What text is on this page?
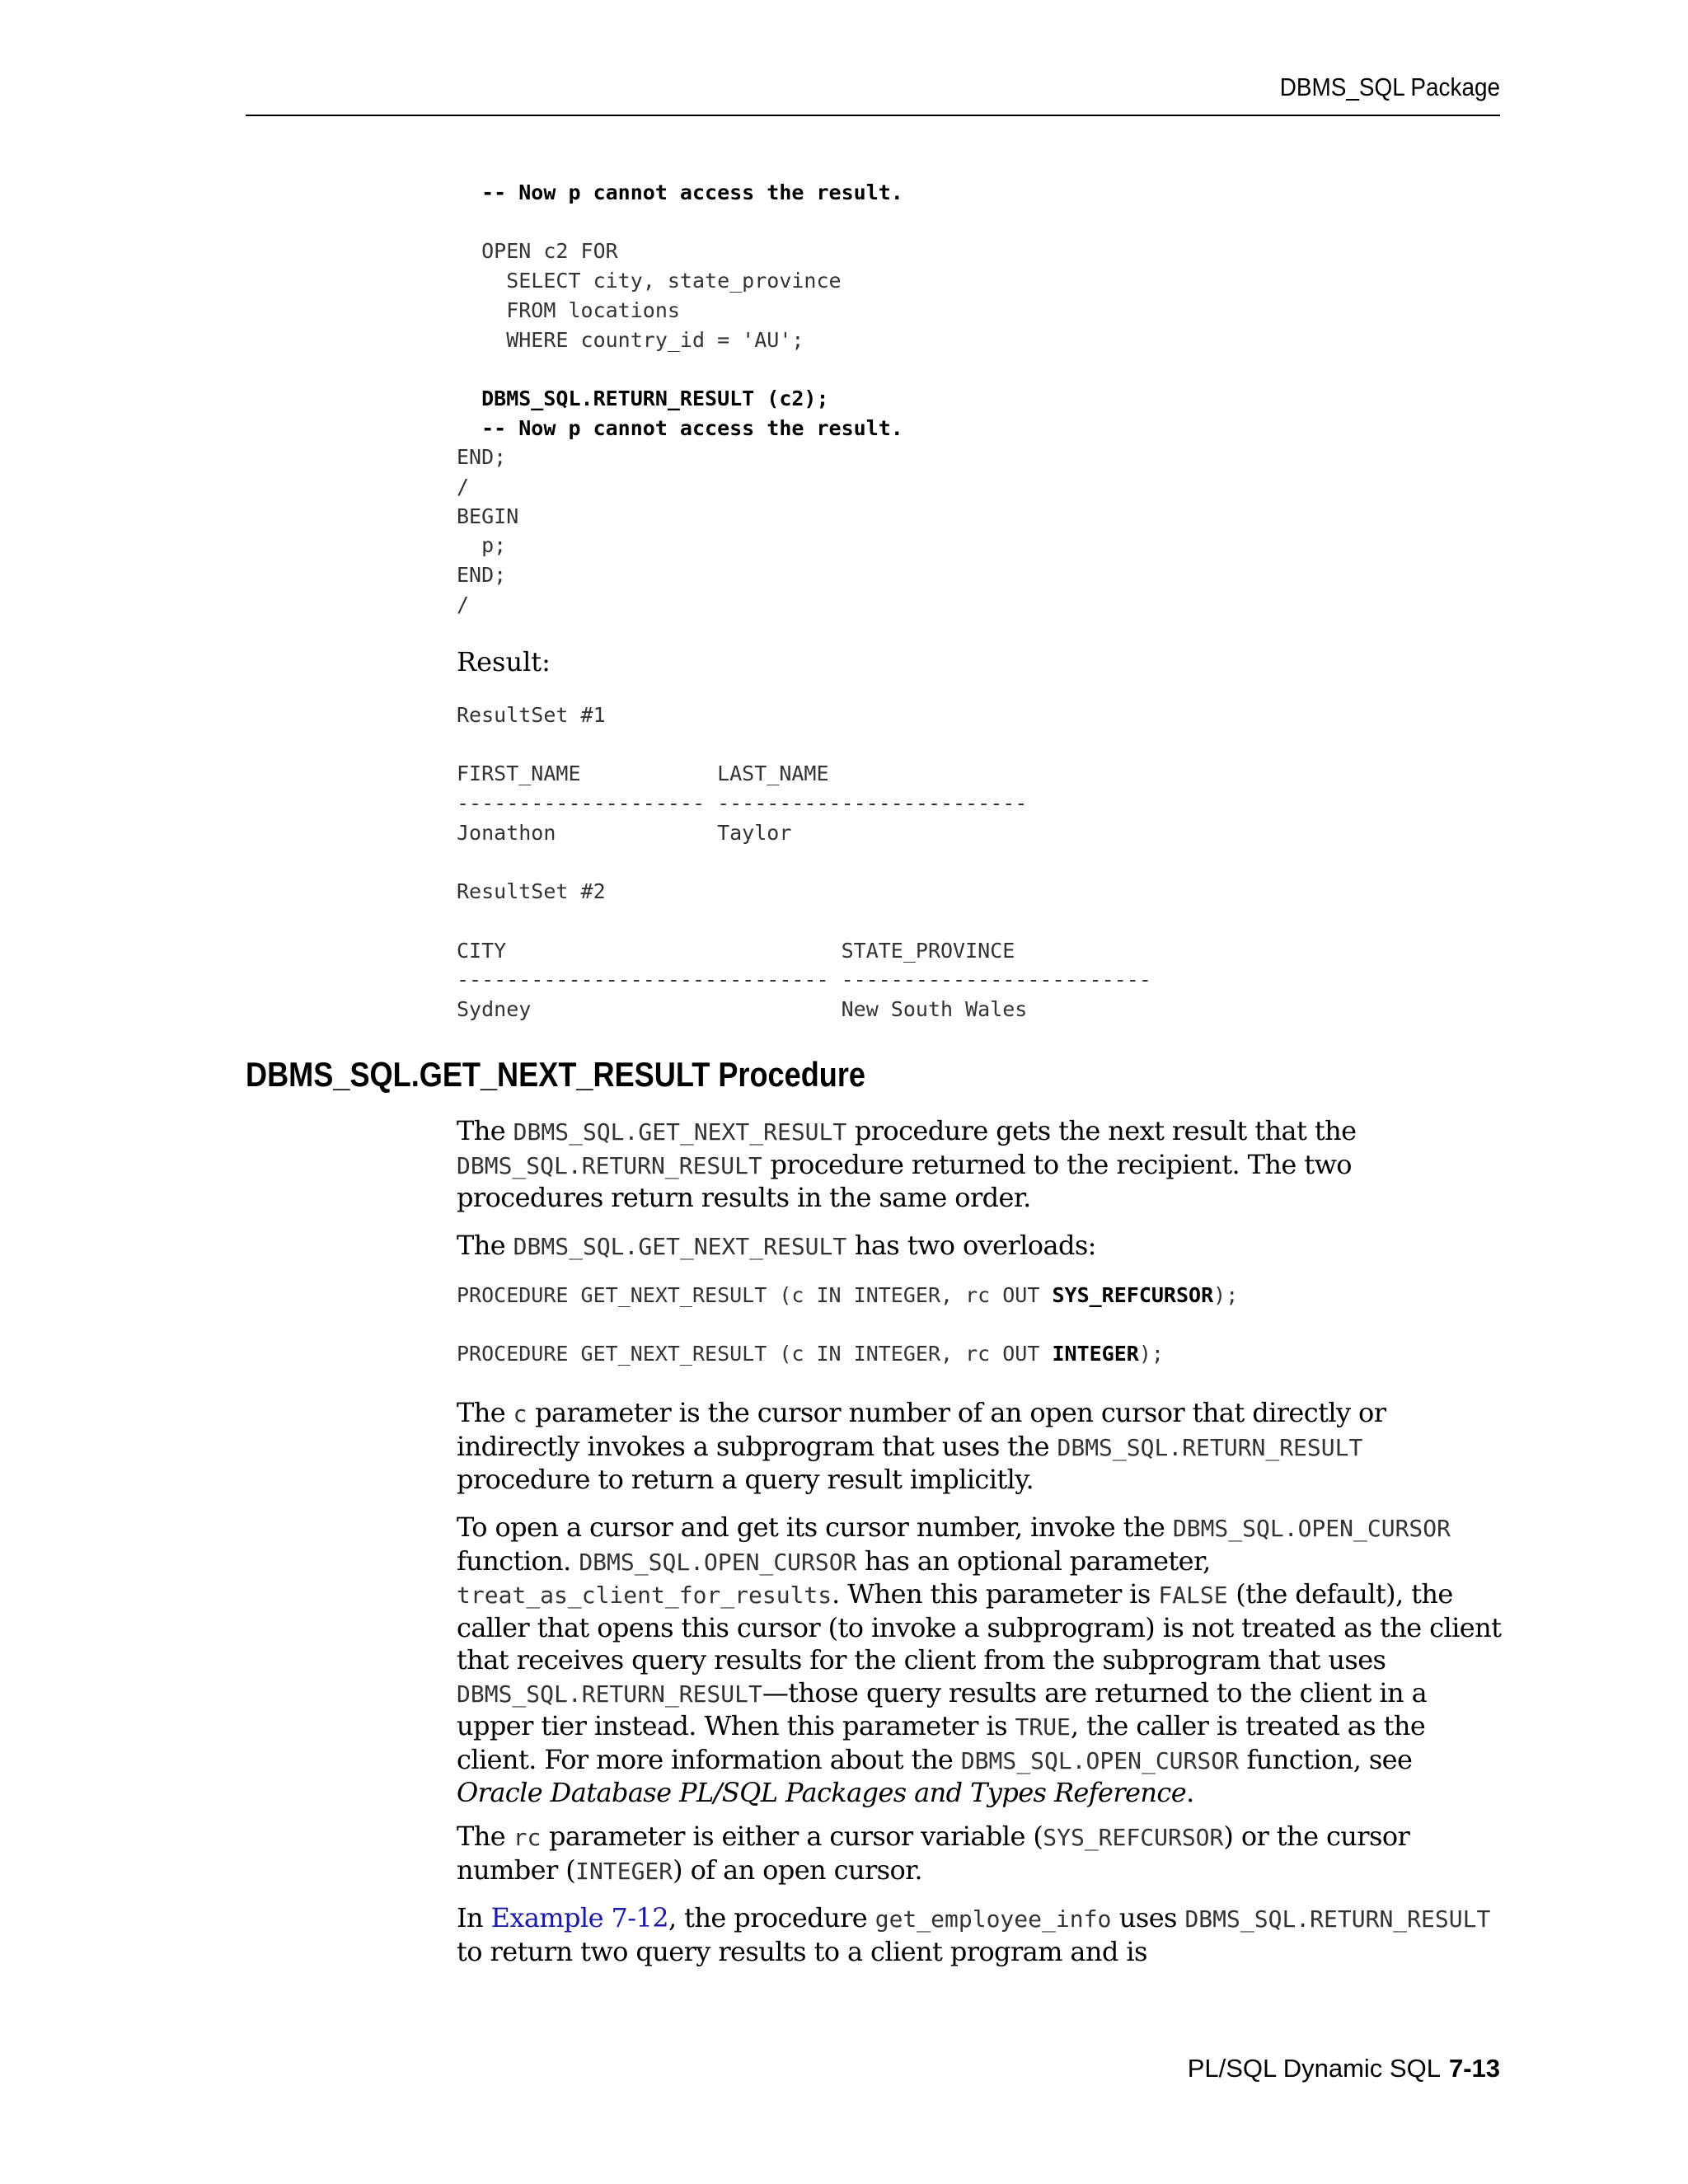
DBMS_SQL Package
-- Now p cannot access the result.

OPEN c2 FOR
SELECT city, state_province
FROM locations
WHERE country_id = 'AU';

DBMS_SQL.RETURN_RESULT (c2);
-- Now p cannot access the result.
END;
/
BEGIN
p;
END;
/

Result:

ResultSet #1

FIRST_NAME           LAST_NAME
-------------------- -------------------------
Jonathon             Taylor

ResultSet #2

CITY                           STATE_PROVINCE
------------------------------ -------------------------
Sydney                         New South Wales
DBMS_SQL.GET_NEXT_RESULT Procedure

The DBMS_SQL.GET_NEXT_RESULT procedure gets the next result that the DBMS_SQL.RETURN_RESULT procedure returned to the recipient. The two procedures return results in the same order.

The DBMS_SQL.GET_NEXT_RESULT has two overloads:

PROCEDURE GET_NEXT_RESULT (c IN INTEGER, rc OUT SYS_REFCURSOR);

PROCEDURE GET_NEXT_RESULT (c IN INTEGER, rc OUT INTEGER);

The c parameter is the cursor number of an open cursor that directly or indirectly invokes a subprogram that uses the DBMS_SQL.RETURN_RESULT procedure to return a query result implicitly.

To open a cursor and get its cursor number, invoke the DBMS_SQL.OPEN_CURSOR function. DBMS_SQL.OPEN_CURSOR has an optional parameter, treat_as_client_for_results. When this parameter is FALSE (the default), the caller that opens this cursor (to invoke a subprogram) is not treated as the client that receives query results for the client from the subprogram that uses DBMS_SQL.RETURN_RESULT—those query results are returned to the client in a upper tier instead. When this parameter is TRUE, the caller is treated as the client. For more information about the DBMS_SQL.OPEN_CURSOR function, see Oracle Database PL/SQL Packages and Types Reference.

The rc parameter is either a cursor variable (SYS_REFCURSOR) or the cursor number (INTEGER) of an open cursor.

In Example 7-12, the procedure get_employee_info uses DBMS_SQL.RETURN_RESULT to return two query results to a client program and is

PL/SQL Dynamic SQL 7-13
